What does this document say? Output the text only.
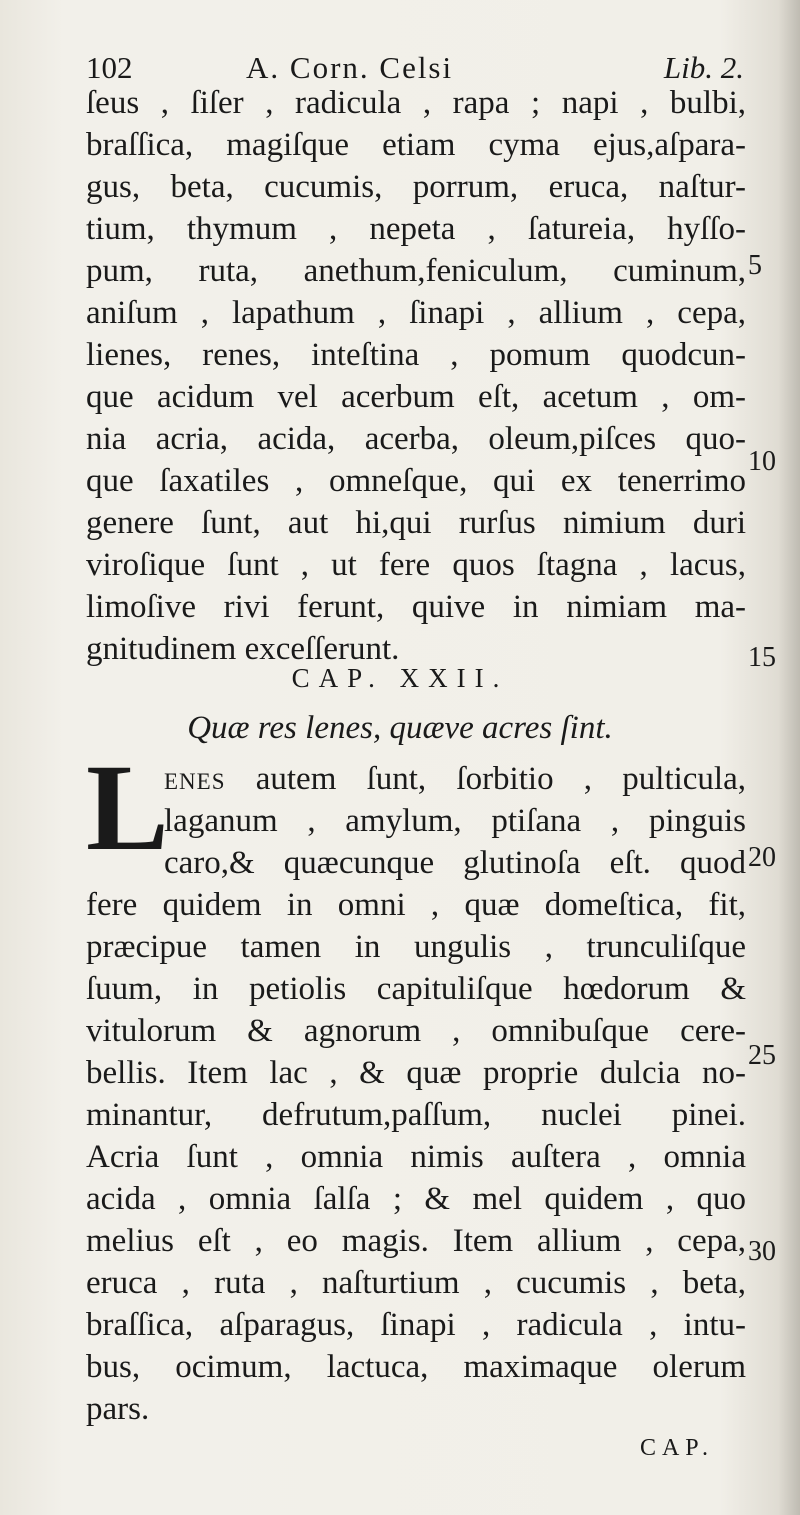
102	A. Corn. Celsi	Lib. 2.
ſeus , ſiſer , radicula , rapa ; napi , bulbi,
braſſica, magiſque etiam cyma ejus,aſpara-
gus, beta, cucumis, porrum, eruca, naſtur-
tium, thymum , nepeta , ſatureia, hyſſo-
pum, ruta, anethum,feniculum, cuminum,
aniſum , lapathum , ſinapi , allium , cepa,
lienes, renes, inteſtina , pomum quodcun-
que acidum vel acerbum eſt, acetum , om-
nia acria, acida, acerba, oleum,piſces quo-
que ſaxatiles , omneſque, qui ex tenerrimo
genere ſunt, aut hi,qui rurſus nimium duri
viroſique ſunt , ut fere quos ſtagna , lacus,
limoſive rivi ferunt, quive in nimiam ma-
gnitudinem exceſſerunt.
CAP. XXII.
Quæ res lenes, quæve acres ſint.
L
enes autem ſunt, ſorbitio , pulticula,
laganum , amylum, ptiſana , pinguis
caro,& quæcunque glutinoſa eſt. quod
fere quidem in omni , quæ domeſtica, fit,
præcipue tamen in ungulis , trunculiſque
ſuum, in petiolis capituliſque hœdorum &
vitulorum & agnorum , omnibuſque cere-
bellis. Item lac , & quæ proprie dulcia no-
minantur, defrutum,paſſum, nuclei pinei.
Acria ſunt , omnia nimis auſtera , omnia
acida , omnia ſalſa ; & mel quidem , quo
melius eſt , eo magis. Item allium , cepa,
eruca , ruta , naſturtium , cucumis , beta,
braſſica, aſparagus, ſinapi , radicula , intu-
bus, ocimum, lactuca, maximaque olerum
pars.
5
10
15
20
25
30
CAP.
